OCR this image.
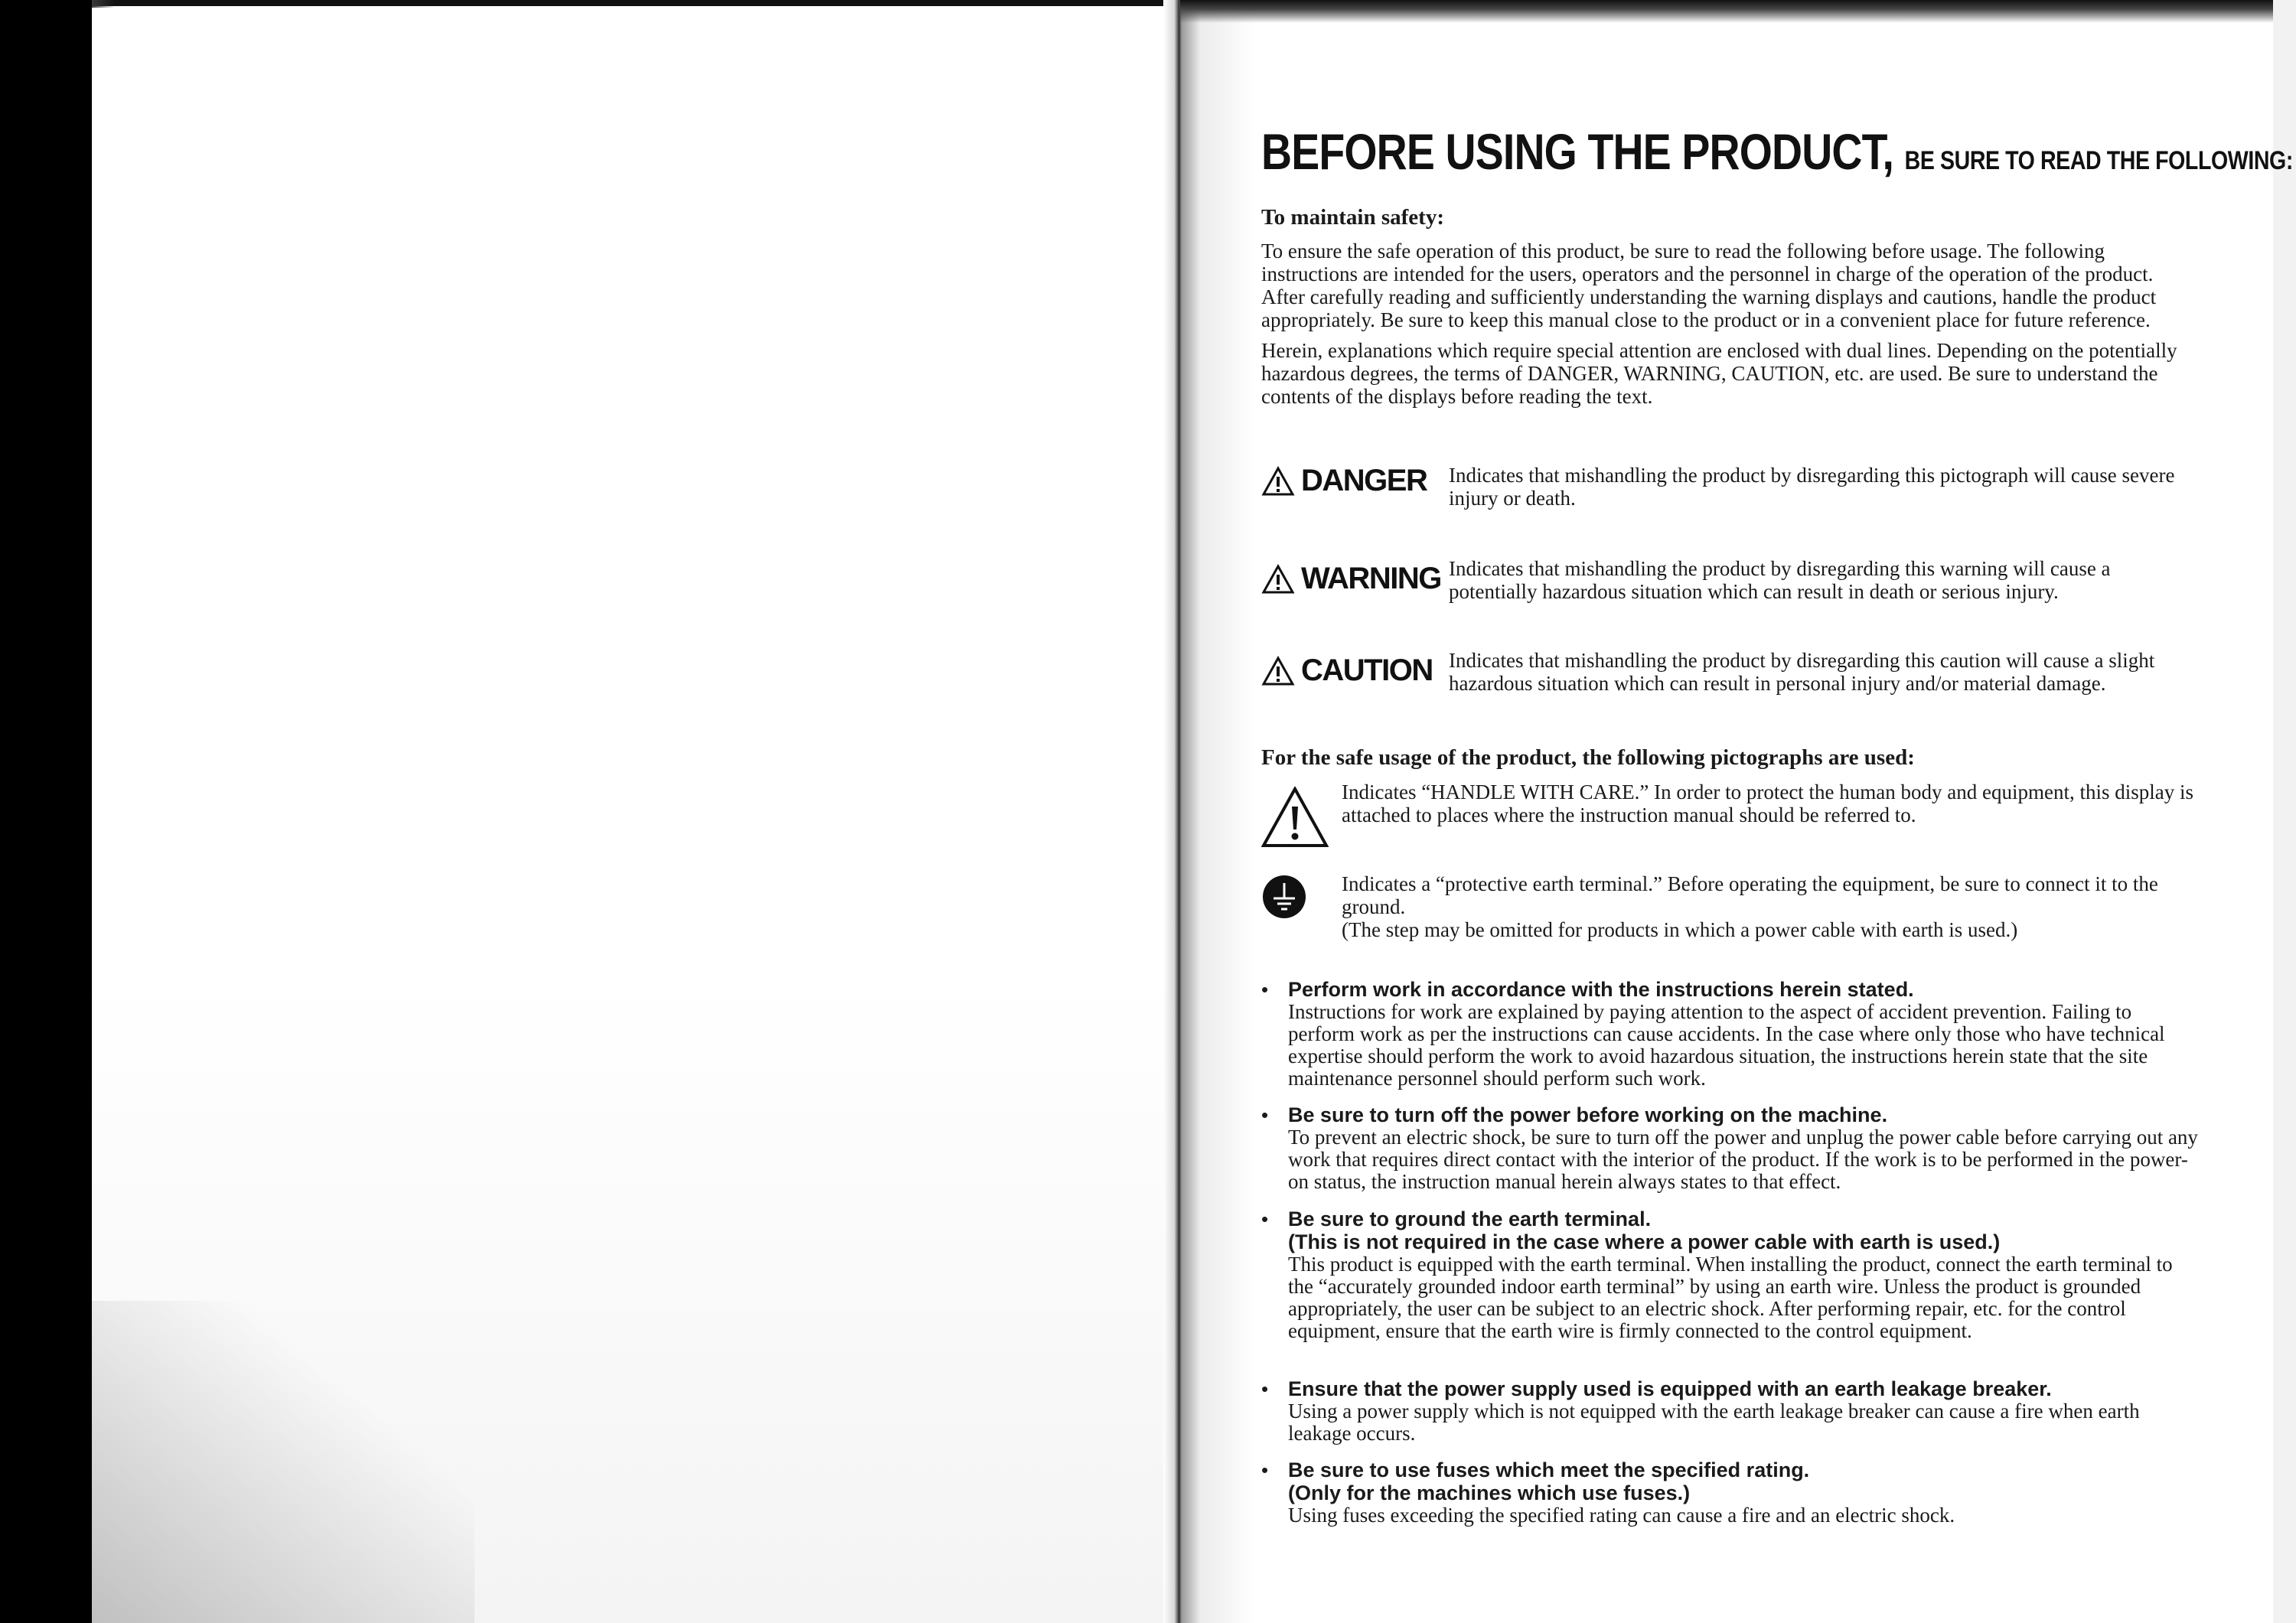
BEFORE USING THE PRODUCT, BE SURE TO READ THE FOLLOWING:

To maintain safety:

To ensure the safe operation of this product, be sure to read the following before usage. The following instructions are intended for the users, operators and the personnel in charge of the operation of the product. After carefully reading and sufficiently understanding the warning displays and cautions, handle the product appropriately. Be sure to keep this manual close to the product or in a convenient place for future reference.

Herein, explanations which require special attention are enclosed with dual lines. Depending on the potentially hazardous degrees, the terms of DANGER, WARNING, CAUTION, etc. are used. Be sure to understand the contents of the displays before reading the text.

DANGER Indicates that mishandling the product by disregarding this pictograph will cause severe injury or death.
WARNING Indicates that mishandling the product by disregarding this warning will cause a potentially hazardous situation which can result in death or serious injury.
CAUTION Indicates that mishandling the product by disregarding this caution will cause a slight hazardous situation which can result in personal injury and/or material damage.

For the safe usage of the product, the following pictographs are used:

Indicates “HANDLE WITH CARE.” In order to protect the human body and equipment, this display is attached to places where the instruction manual should be referred to.
Indicates a “protective earth terminal.” Before operating the equipment, be sure to connect it to the ground.
(The step may be omitted for products in which a power cable with earth is used.)
• Perform work in accordance with the instructions herein stated.

Instructions for work are explained by paying attention to the aspect of accident prevention. Failing to perform work as per the instructions can cause accidents. In the case where only those who have technical expertise should perform the work to avoid hazardous situation, the instructions herein state that the site maintenance personnel should perform such work.

• Be sure to turn off the power before working on the machine.

To prevent an electric shock, be sure to turn off the power and unplug the power cable before carrying out any work that requires direct contact with the interior of the product. If the work is to be performed in the power-on status, the instruction manual herein always states to that effect.

• Be sure to ground the earth terminal.

(This is not required in the case where a power cable with earth is used.)

This product is equipped with the earth terminal. When installing the product, connect the earth terminal to the “accurately grounded indoor earth terminal” by using an earth wire. Unless the product is grounded appropriately, the user can be subject to an electric shock. After performing repair, etc. for the control equipment, ensure that the earth wire is firmly connected to the control equipment.

• Ensure that the power supply used is equipped with an earth leakage breaker.

Using a power supply which is not equipped with the earth leakage breaker can cause a fire when earth leakage occurs.

• Be sure to use fuses which meet the specified rating.

(Only for the machines which use fuses.)

Using fuses exceeding the specified rating can cause a fire and an electric shock.
